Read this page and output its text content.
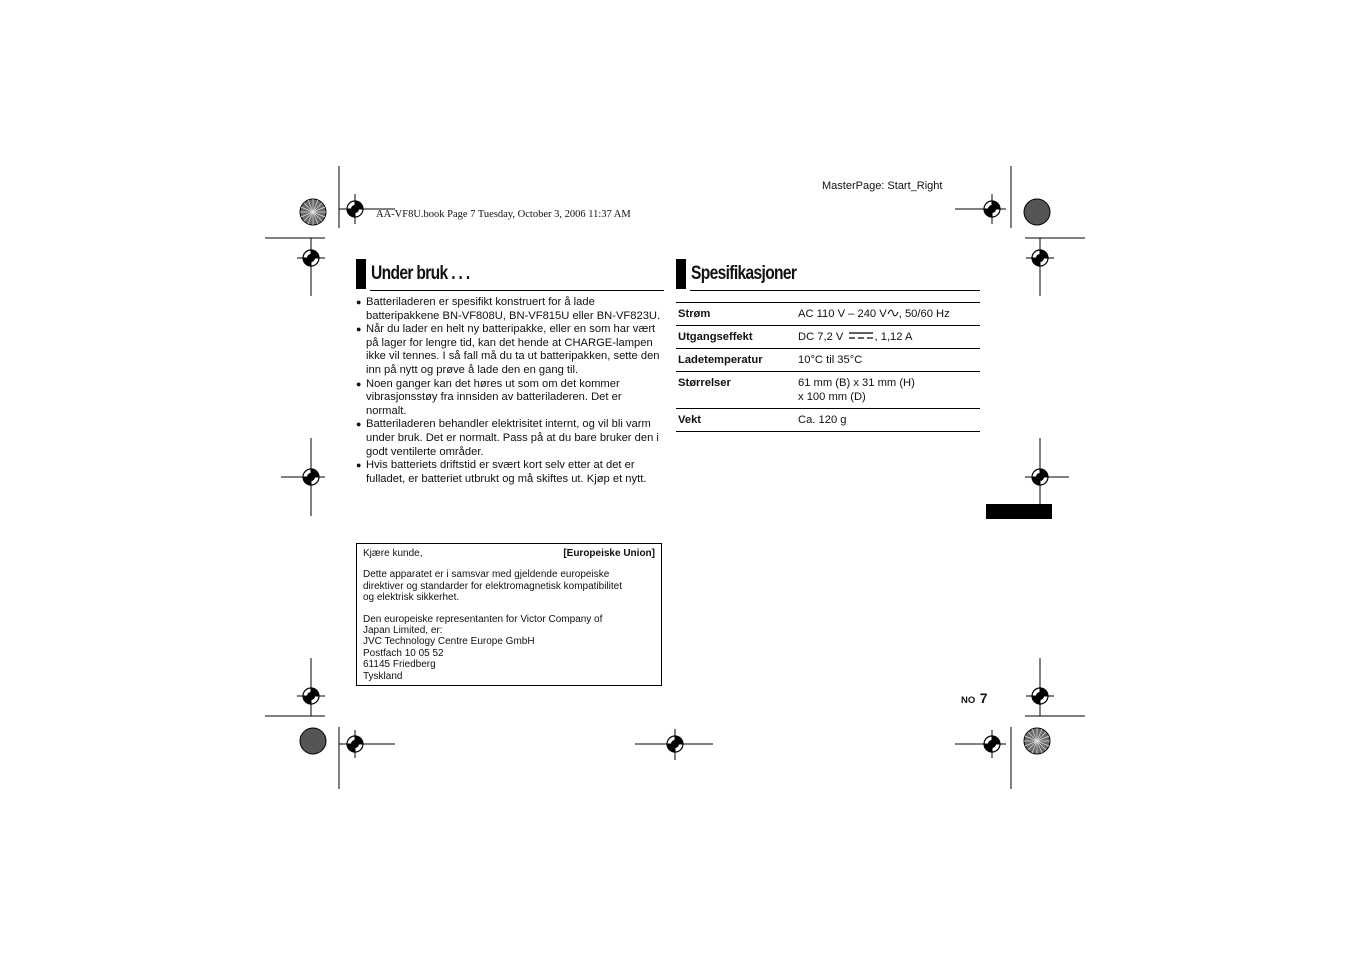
MasterPage: Start_Right
AA-VF8U.book Page 7 Tuesday, October 3, 2006 11:37 AM
Under bruk . . .
● Batteriladeren er spesifikt konstruert for å lade batteripakkene BN-VF808U, BN-VF815U eller BN-VF823U.
● Når du lader en helt ny batteripakke, eller en som har vært på lager for lengre tid, kan det hende at CHARGE-lampen ikke vil tennes. I så fall må du ta ut batteripakken, sette den inn på nytt og prøve å lade den en gang til.
● Noen ganger kan det høres ut som om det kommer vibrasjonsstøy fra innsiden av batteriladeren. Det er normalt.
● Batteriladeren behandler elektrisitet internt, og vil bli varm under bruk. Det er normalt. Pass på at du bare bruker den i godt ventilerte områder.
● Hvis batteriets driftstid er svært kort selv etter at det er fulladet, er batteriet utbrukt og må skiftes ut. Kjøp et nytt.
Kjære kunde,	[Europeiske Union]

Dette apparatet er i samsvar med gjeldende europeiske
direktiver og standarder for elektromagnetisk kompatibilitet
og elektrisk sikkerhet.

Den europeiske representanten for Victor Company of
Japan Limited, er:
JVC Technology Centre Europe GmbH
Postfach 10 05 52
61145 Friedberg
Tyskland

Spesifikasjoner
Strøm	AC 110 V – 240 V , 50/60 Hz
Utgangseffekt	DC 7,2 V , 1,12 A
Ladetemperatur	10°C til 35°C
Størrelser	61 mm (B) x 31 mm (H)
x 100 mm (D)
Vekt	Ca. 120 g
NO 7
